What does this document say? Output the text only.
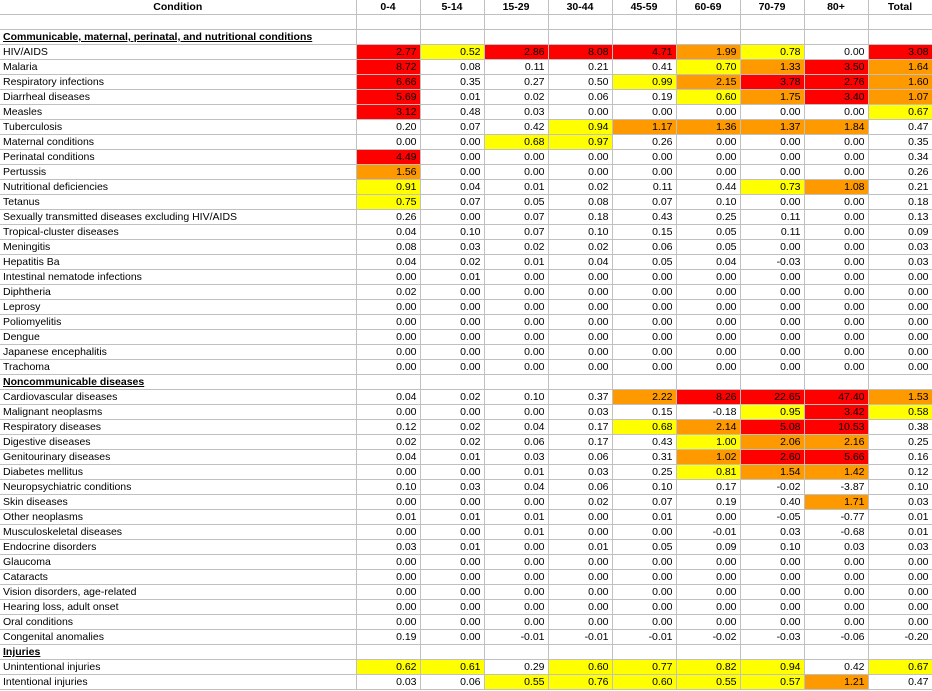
Condition	0-4	5-14	15-29	30-44	45-59	60-69	70-79	80+	Total

Communicable, maternal, perinatal, and nutritional conditions									
HIV/AIDS	2.77	0.52	2.86	8.08	4.71	1.99	0.78	0.00	3.08
Malaria	8.72	0.08	0.11	0.21	0.41	0.70	1.33	3.50	1.64
Respiratory infections	6.66	0.35	0.27	0.50	0.99	2.15	3.78	2.76	1.60
Diarrheal diseases	5.69	0.01	0.02	0.06	0.19	0.60	1.75	3.40	1.07
Measles	3.12	0.48	0.03	0.00	0.00	0.00	0.00	0.00	0.67
Tuberculosis	0.20	0.07	0.42	0.94	1.17	1.36	1.37	1.84	0.47
Maternal conditions	0.00	0.00	0.68	0.97	0.26	0.00	0.00	0.00	0.35
Perinatal conditions	4.49	0.00	0.00	0.00	0.00	0.00	0.00	0.00	0.34
Pertussis	1.56	0.00	0.00	0.00	0.00	0.00	0.00	0.00	0.26
Nutritional deficiencies	0.91	0.04	0.01	0.02	0.11	0.44	0.73	1.08	0.21
Tetanus	0.75	0.07	0.05	0.08	0.07	0.10	0.00	0.00	0.18
Sexually transmitted diseases excluding HIV/AIDS	0.26	0.00	0.07	0.18	0.43	0.25	0.11	0.00	0.13
Tropical-cluster diseases	0.04	0.10	0.07	0.10	0.15	0.05	0.11	0.00	0.09
Meningitis	0.08	0.03	0.02	0.02	0.06	0.05	0.00	0.00	0.03
Hepatitis Ba	0.04	0.02	0.01	0.04	0.05	0.04	-0.03	0.00	0.03
Intestinal nematode infections	0.00	0.01	0.00	0.00	0.00	0.00	0.00	0.00	0.00
Diphtheria	0.02	0.00	0.00	0.00	0.00	0.00	0.00	0.00	0.00
Leprosy	0.00	0.00	0.00	0.00	0.00	0.00	0.00	0.00	0.00
Poliomyelitis	0.00	0.00	0.00	0.00	0.00	0.00	0.00	0.00	0.00
Dengue	0.00	0.00	0.00	0.00	0.00	0.00	0.00	0.00	0.00
Japanese encephalitis	0.00	0.00	0.00	0.00	0.00	0.00	0.00	0.00	0.00
Trachoma	0.00	0.00	0.00	0.00	0.00	0.00	0.00	0.00	0.00
Noncommunicable diseases									
Cardiovascular diseases	0.04	0.02	0.10	0.37	2.22	8.26	22.65	47.40	1.53
Malignant neoplasms	0.00	0.00	0.00	0.03	0.15	-0.18	0.95	3.42	0.58
Respiratory diseases	0.12	0.02	0.04	0.17	0.68	2.14	5.08	10.53	0.38
Digestive diseases	0.02	0.02	0.06	0.17	0.43	1.00	2.06	2.16	0.25
Genitourinary diseases	0.04	0.01	0.03	0.06	0.31	1.02	2.60	5.66	0.16
Diabetes mellitus	0.00	0.00	0.01	0.03	0.25	0.81	1.54	1.42	0.12
Neuropsychiatric conditions	0.10	0.03	0.04	0.06	0.10	0.17	-0.02	-3.87	0.10
Skin diseases	0.00	0.00	0.00	0.02	0.07	0.19	0.40	1.71	0.03
Other neoplasms	0.01	0.01	0.01	0.00	0.01	0.00	-0.05	-0.77	0.01
Musculoskeletal diseases	0.00	0.00	0.01	0.00	0.00	-0.01	0.03	-0.68	0.01
Endocrine disorders	0.03	0.01	0.00	0.01	0.05	0.09	0.10	0.03	0.03
Glaucoma	0.00	0.00	0.00	0.00	0.00	0.00	0.00	0.00	0.00
Cataracts	0.00	0.00	0.00	0.00	0.00	0.00	0.00	0.00	0.00
Vision disorders, age-related	0.00	0.00	0.00	0.00	0.00	0.00	0.00	0.00	0.00
Hearing loss, adult onset	0.00	0.00	0.00	0.00	0.00	0.00	0.00	0.00	0.00
Oral conditions	0.00	0.00	0.00	0.00	0.00	0.00	0.00	0.00	0.00
Congenital anomalies	0.19	0.00	-0.01	-0.01	-0.01	-0.02	-0.03	-0.06	-0.20
Injuries									
Unintentional injuries	0.62	0.61	0.29	0.60	0.77	0.82	0.94	0.42	0.67
Intentional injuries	0.03	0.06	0.55	0.76	0.60	0.55	0.57	1.21	0.47
